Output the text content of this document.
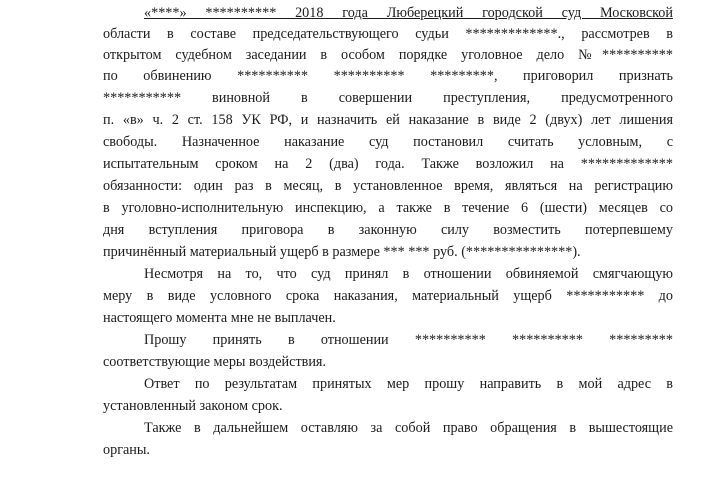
«****» ********** 2018 года Люберецкий городской суд Московской
области в составе председательствующего судьи *************., рассмотрев в
открытом судебном заседании в особом порядке уголовное дело №**********
по обвинению ********** ********** *********, приговорил признать
*********** виновной в совершении преступления, предусмотренного
п. «в» ч. 2 ст. 158 УК РФ, и назначить ей наказание в виде 2 (двух) лет лишения
свободы. Назначенное наказание суд постановил считать условным, с
испытательным сроком на 2 (два) года. Также возложил на *************
обязанности: один раз в месяц, в установленное время, являться на регистрацию
в уголовно-исполнительную инспекцию, а также в течение 6 (шести) месяцев со
дня вступления приговора в законную силу возместить потерпевшему
причинённый материальный ущерб в размере *** *** руб. (***************).
Несмотря на то, что суд принял в отношении обвиняемой смягчающую
меру в виде условного срока наказания, материальный ущерб *********** до
настоящего момента мне не выплачен.
Прошу принять в отношении ********** ********** *********
соответствующие меры воздействия.
Ответ по результатам принятых мер прошу направить в мой адрес в
установленный законом срок.
Также в дальнейшем оставляю за собой право обращения в вышестоящие
органы.
